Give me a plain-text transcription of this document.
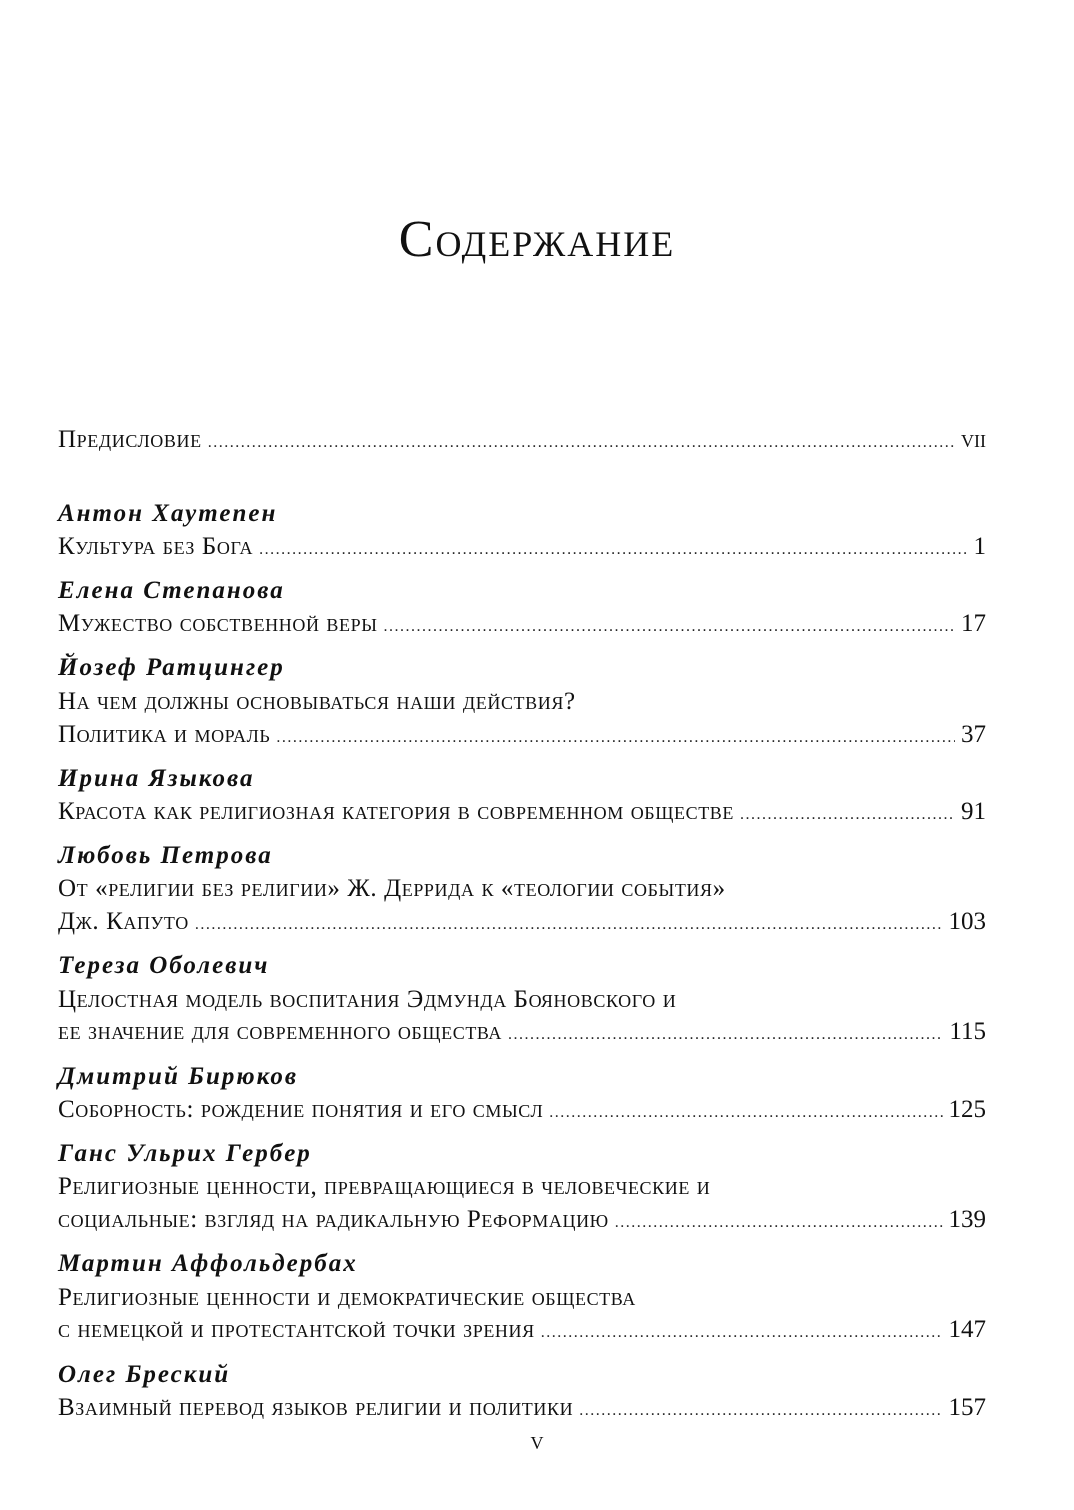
Содержание
Предисловие .....	vii
Антон Хаутепен
Культура без Бога .....	1
Елена Степанова
Мужество собственной веры .....	17
Йозеф Ратцингер
На чем должны основываться наши действия?
Политика и мораль .....	37
Ирина Языкова
Красота как религиозная категория в современном обществе .....	91
Любовь Петрова
От «религии без религии» Ж. Деррида к «теологии события»
Дж. Капуто .....	103
Тереза Оболевич
Целостная модель воспитания Эдмунда Бояновского и
ее значение для современного общества .....	115
Дмитрий Бирюков
Соборность: рождение понятия и его смысл .....	125
Ганс Ульрих Гербер
Религиозные ценности, превращающиеся в человеческие и
социальные: взгляд на радикальную Реформацию .....	139
Мартин Аффольдербах
Религиозные ценности и демократические общества
с немецкой и протестантской точки зрения .....	147
Олег Бреский
Взаимный перевод языков религии и политики .....	157
v
